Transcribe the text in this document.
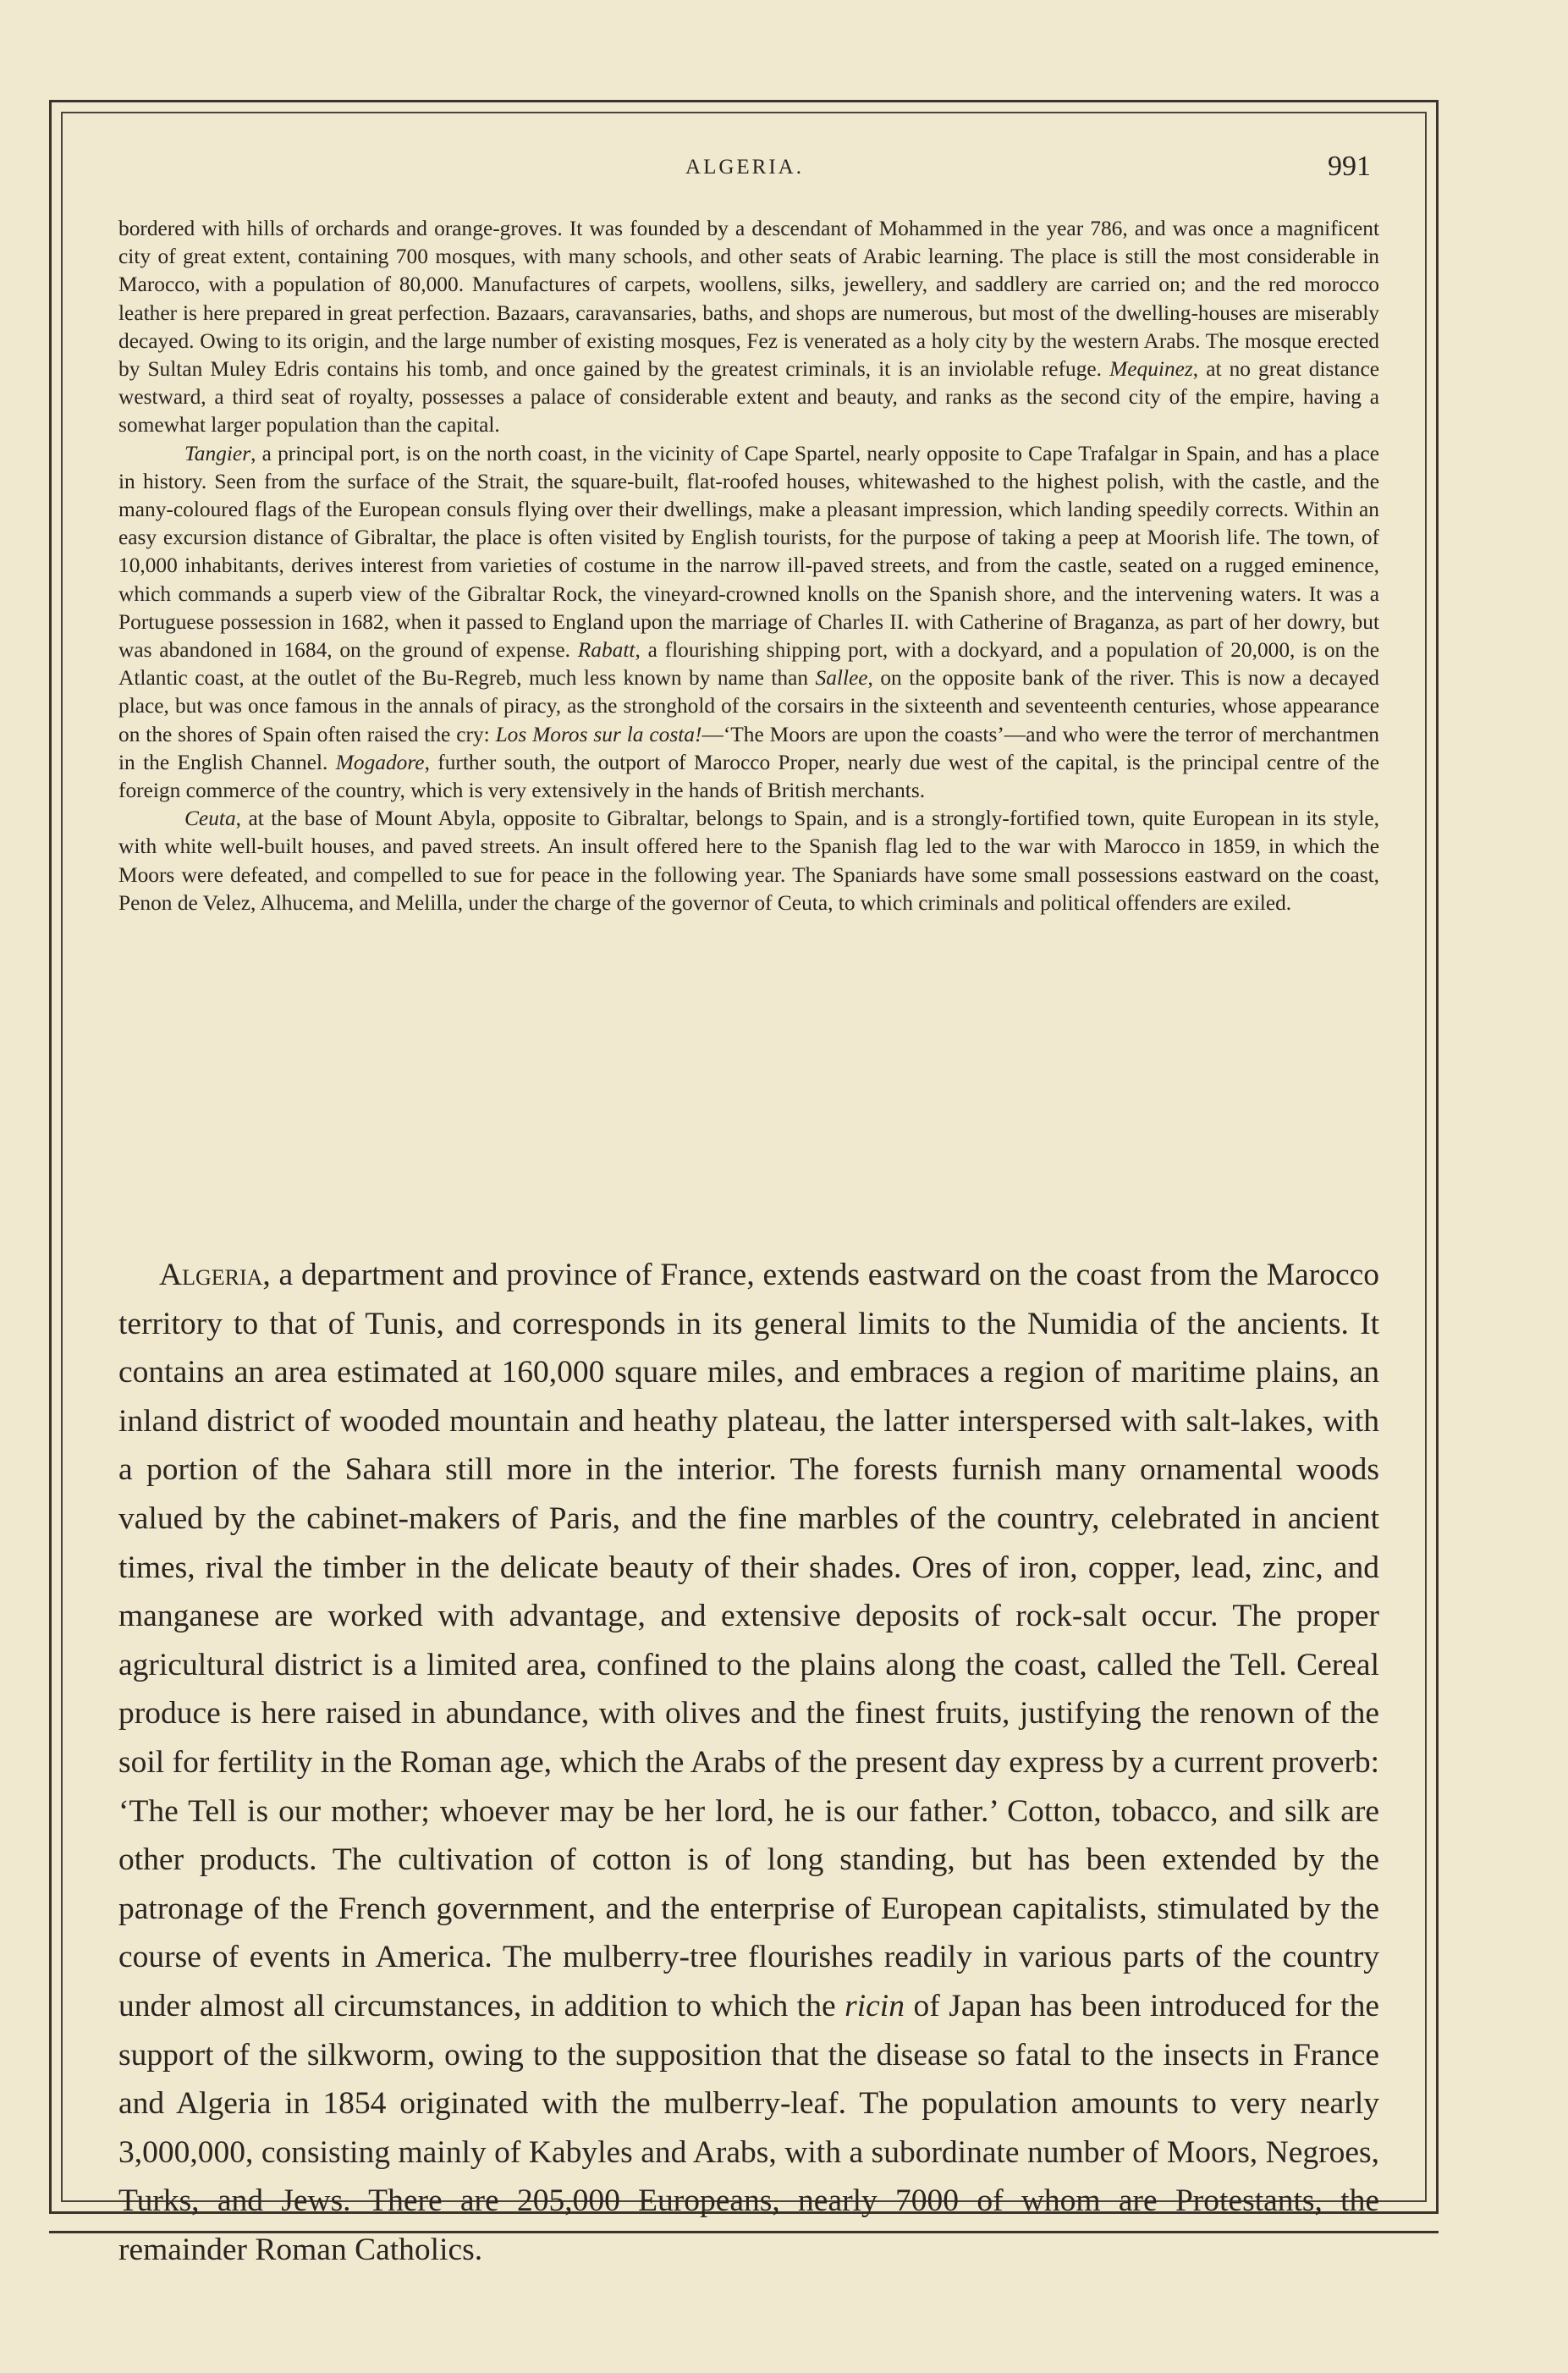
ALGERIA.	991

bordered with hills of orchards and orange-groves. It was founded by a descendant of Mohammed in the year 786, and was once a magnificent city of great extent, containing 700 mosques, with many schools, and other seats of Arabic learning. The place is still the most considerable in Marocco, with a population of 80,000. Manufactures of carpets, woollens, silks, jewellery, and saddlery are carried on; and the red morocco leather is here prepared in great perfection. Bazaars, caravansaries, baths, and shops are numerous, but most of the dwelling-houses are miserably decayed. Owing to its origin, and the large number of existing mosques, Fez is venerated as a holy city by the western Arabs. The mosque erected by Sultan Muley Edris contains his tomb, and once gained by the greatest criminals, it is an inviolable refuge. Mequinez, at no great distance westward, a third seat of royalty, possesses a palace of considerable extent and beauty, and ranks as the second city of the empire, having a somewhat larger population than the capital.

Tangier, a principal port, is on the north coast, in the vicinity of Cape Spartel, nearly opposite to Cape Trafalgar in Spain, and has a place in history. Seen from the surface of the Strait, the square-built, flat-roofed houses, whitewashed to the highest polish, with the castle, and the many-coloured flags of the European consuls flying over their dwellings, make a pleasant impression, which landing speedily corrects. Within an easy excursion distance of Gibraltar, the place is often visited by English tourists, for the purpose of taking a peep at Moorish life. The town, of 10,000 inhabitants, derives interest from varieties of costume in the narrow ill-paved streets, and from the castle, seated on a rugged eminence, which commands a superb view of the Gibraltar Rock, the vineyard-crowned knolls on the Spanish shore, and the intervening waters. It was a Portuguese possession in 1682, when it passed to England upon the marriage of Charles II. with Catherine of Braganza, as part of her dowry, but was abandoned in 1684, on the ground of expense. Rabatt, a flourishing shipping port, with a dockyard, and a population of 20,000, is on the Atlantic coast, at the outlet of the Bu-Regreb, much less known by name than Sallee, on the opposite bank of the river. This is now a decayed place, but was once famous in the annals of piracy, as the stronghold of the corsairs in the sixteenth and seventeenth centuries, whose appearance on the shores of Spain often raised the cry: Los Moros sur la costa!—‘The Moors are upon the coasts’—and who were the terror of merchantmen in the English Channel. Mogadore, further south, the outport of Marocco Proper, nearly due west of the capital, is the principal centre of the foreign commerce of the country, which is very extensively in the hands of British merchants.

Ceuta, at the base of Mount Abyla, opposite to Gibraltar, belongs to Spain, and is a strongly-fortified town, quite European in its style, with white well-built houses, and paved streets. An insult offered here to the Spanish flag led to the war with Marocco in 1859, in which the Moors were defeated, and compelled to sue for peace in the following year. The Spaniards have some small possessions eastward on the coast, Penon de Velez, Alhucema, and Melilla, under the charge of the governor of Ceuta, to which criminals and political offenders are exiled.

Algeria, a department and province of France, extends eastward on the coast from the Marocco territory to that of Tunis, and corresponds in its general limits to the Numidia of the ancients. It contains an area estimated at 160,000 square miles, and embraces a region of maritime plains, an inland district of wooded mountain and heathy plateau, the latter interspersed with salt-lakes, with a portion of the Sahara still more in the interior. The forests furnish many ornamental woods valued by the cabinet-makers of Paris, and the fine marbles of the country, celebrated in ancient times, rival the timber in the delicate beauty of their shades. Ores of iron, copper, lead, zinc, and manganese are worked with advantage, and extensive deposits of rock-salt occur. The proper agricultural district is a limited area, confined to the plains along the coast, called the Tell. Cereal produce is here raised in abundance, with olives and the finest fruits, justifying the renown of the soil for fertility in the Roman age, which the Arabs of the present day express by a current proverb: ‘The Tell is our mother; whoever may be her lord, he is our father.’ Cotton, tobacco, and silk are other products. The cultivation of cotton is of long standing, but has been extended by the patronage of the French government, and the enterprise of European capitalists, stimulated by the course of events in America. The mulberry-tree flourishes readily in various parts of the country under almost all circumstances, in addition to which the ricin of Japan has been introduced for the support of the silkworm, owing to the supposition that the disease so fatal to the insects in France and Algeria in 1854 originated with the mulberry-leaf. The population amounts to very nearly 3,000,000, consisting mainly of Kabyles and Arabs, with a subordinate number of Moors, Negroes, Turks, and Jews. There are 205,000 Europeans, nearly 7000 of whom are Protestants, the remainder Roman Catholics.
